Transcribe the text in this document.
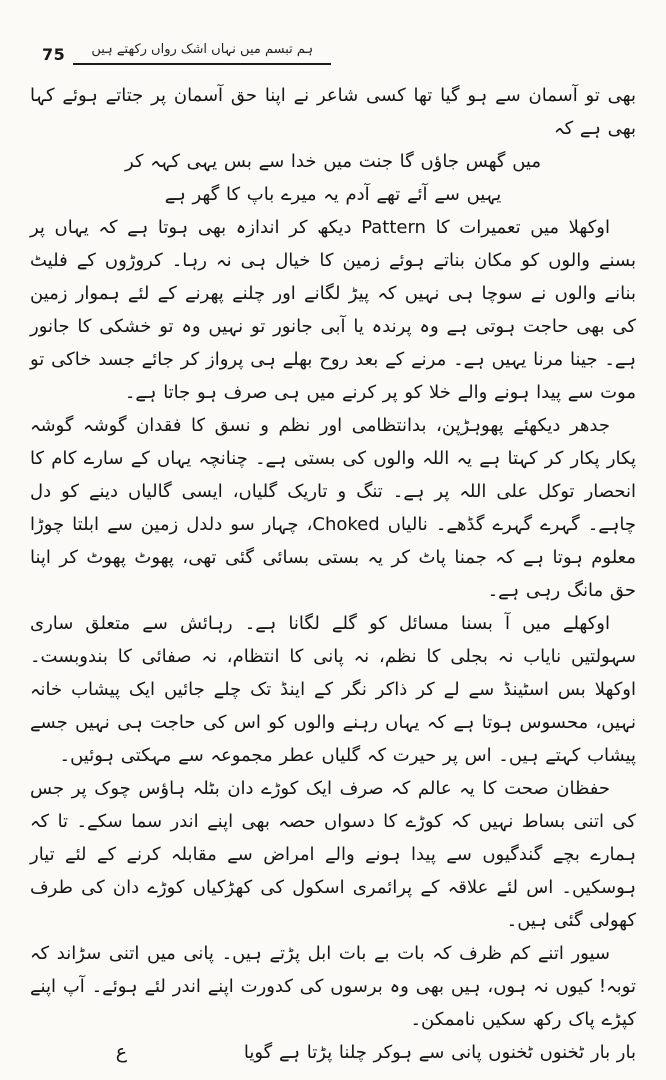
75	ہم تبسم میں نہاں اشک رواں رکھتے ہیں

بھی تو آسمان سے ہو گیا تھا کسی شاعر نے اپنا حق آسمان پر جتاتے ہوئے کہا بھی ہے کہ

میں گھس جاؤں گا جنت میں خدا سے بس یہی کہہ کر

یہیں سے آئے تھے آدم یہ میرے باپ کا گھر ہے

اوکھلا میں تعمیرات کا Pattern دیکھ کر اندازہ بھی ہوتا ہے کہ یہاں پر بسنے والوں کو مکان بناتے ہوئے زمین کا خیال ہی نہ رہا۔ کروڑوں کے فلیٹ بنانے والوں نے سوچا ہی نہیں کہ پیڑ لگانے اور چلنے پھرنے کے لئے ہموار زمین کی بھی حاجت ہوتی ہے وہ پرندہ یا آبی جانور تو نہیں وہ تو خشکی کا جانور ہے۔ جینا مرنا یہیں ہے۔ مرنے کے بعد روح بھلے ہی پرواز کر جائے جسد خاکی تو موت سے پیدا ہونے والے خلا کو پر کرنے میں ہی صرف ہو جاتا ہے۔

جدھر دیکھئے پھوہڑپن، بدانتظامی اور نظم و نسق کا فقدان گوشہ گوشہ پکار پکار کر کہتا ہے یہ اللہ والوں کی بستی ہے۔ چنانچہ یہاں کے سارے کام کا انحصار توکل علی اللہ پر ہے۔ تنگ و تاریک گلیاں، ایسی گالیاں دینے کو دل چاہے۔ گہرے گہرے گڈھے۔ نالیاں Choked، چہار سو دلدل زمین سے ابلتا چوڑا معلوم ہوتا ہے کہ جمنا پاٹ کر یہ بستی بسائی گئی تھی، پھوٹ پھوٹ کر اپنا حق مانگ رہی ہے۔

اوکھلے میں آ بسنا مسائل کو گلے لگانا ہے۔ رہائش سے متعلق ساری سہولتیں نایاب نہ بجلی کا نظم، نہ پانی کا انتظام، نہ صفائی کا بندوبست۔ اوکھلا بس اسٹینڈ سے لے کر ذاکر نگر کے اینڈ تک چلے جائیں ایک پیشاب خانہ نہیں، محسوس ہوتا ہے کہ یہاں رہنے والوں کو اس کی حاجت ہی نہیں جسے پیشاب کہتے ہیں۔ اس پر حیرت کہ گلیاں عطر مجموعہ سے مہکتی ہوئیں۔

حفظان صحت کا یہ عالم کہ صرف ایک کوڑے دان بٹلہ ہاؤس چوک پر جس کی اتنی بساط نہیں کہ کوڑے کا دسواں حصہ بھی اپنے اندر سما سکے۔ تا کہ ہمارے بچے گندگیوں سے پیدا ہونے والے امراض سے مقابلہ کرنے کے لئے تیار ہوسکیں۔ اس لئے علاقہ کے پرائمری اسکول کی کھڑکیاں کوڑے دان کی طرف کھولی گئی ہیں۔

سیور اتنے کم ظرف کہ بات بے بات ابل پڑتے ہیں۔ پانی میں اتنی سڑاند کہ توبہ! کیوں نہ ہوں، ہیں بھی وہ برسوں کی کدورت اپنے اندر لئے ہوئے۔ آپ اپنے کپڑے پاک رکھ سکیں ناممکن۔

بار بار ٹخنوں ٹخنوں پانی سے ہوکر چلنا پڑتا ہے گویا ع
